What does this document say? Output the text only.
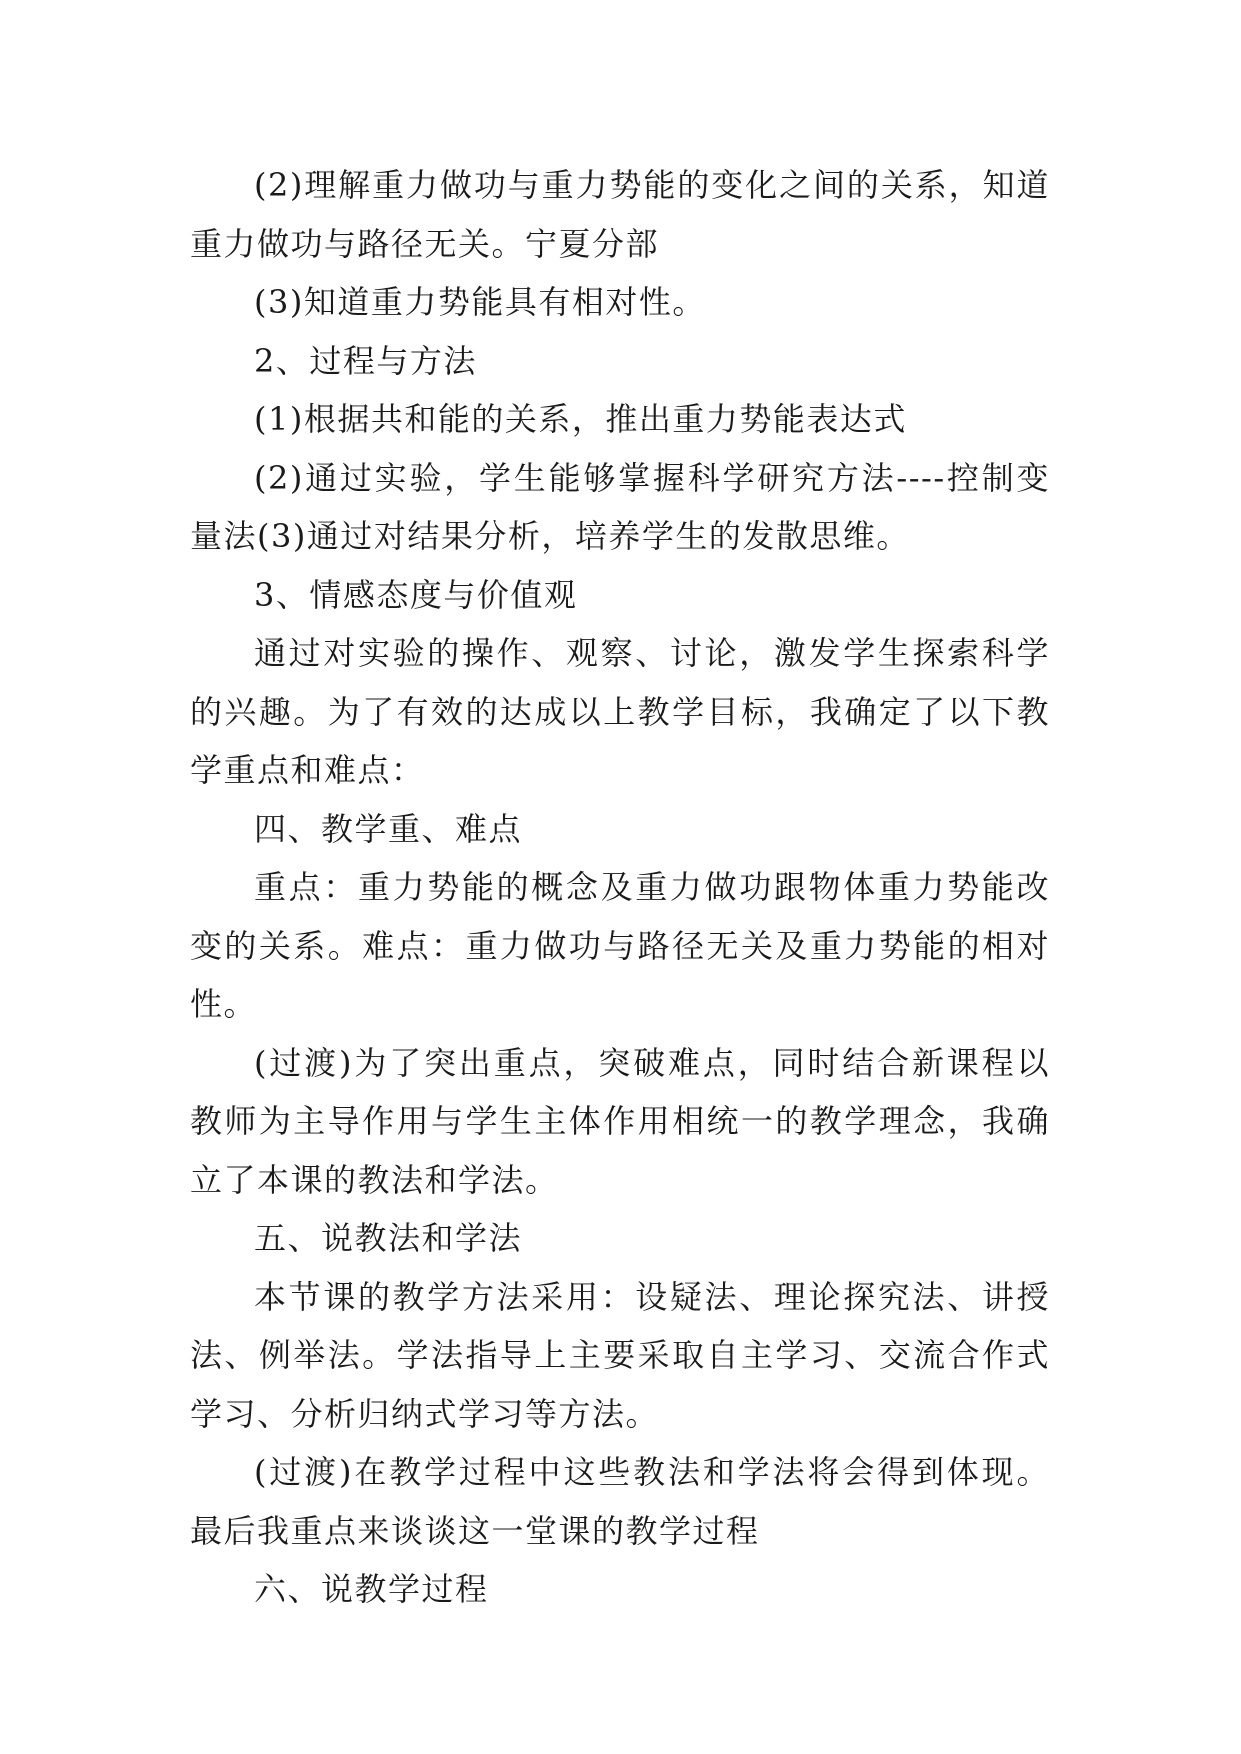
(2)理解重力做功与重力势能的变化之间的关系，知道重力做功与路径无关。宁夏分部

(3)知道重力势能具有相对性。

2、过程与方法

(1)根据共和能的关系，推出重力势能表达式

(2)通过实验，学生能够掌握科学研究方法----控制变量法(3)通过对结果分析，培养学生的发散思维。

3、情感态度与价值观

通过对实验的操作、观察、讨论，激发学生探索科学的兴趣。为了有效的达成以上教学目标，我确定了以下教学重点和难点：

四、教学重、难点

重点：重力势能的概念及重力做功跟物体重力势能改变的关系。难点：重力做功与路径无关及重力势能的相对性。

(过渡)为了突出重点，突破难点，同时结合新课程以教师为主导作用与学生主体作用相统一的教学理念，我确立了本课的教法和学法。

五、说教法和学法

本节课的教学方法采用：设疑法、理论探究法、讲授法、例举法。学法指导上主要采取自主学习、交流合作式学习、分析归纳式学习等方法。

(过渡)在教学过程中这些教法和学法将会得到体现。最后我重点来谈谈这一堂课的教学过程

六、说教学过程
